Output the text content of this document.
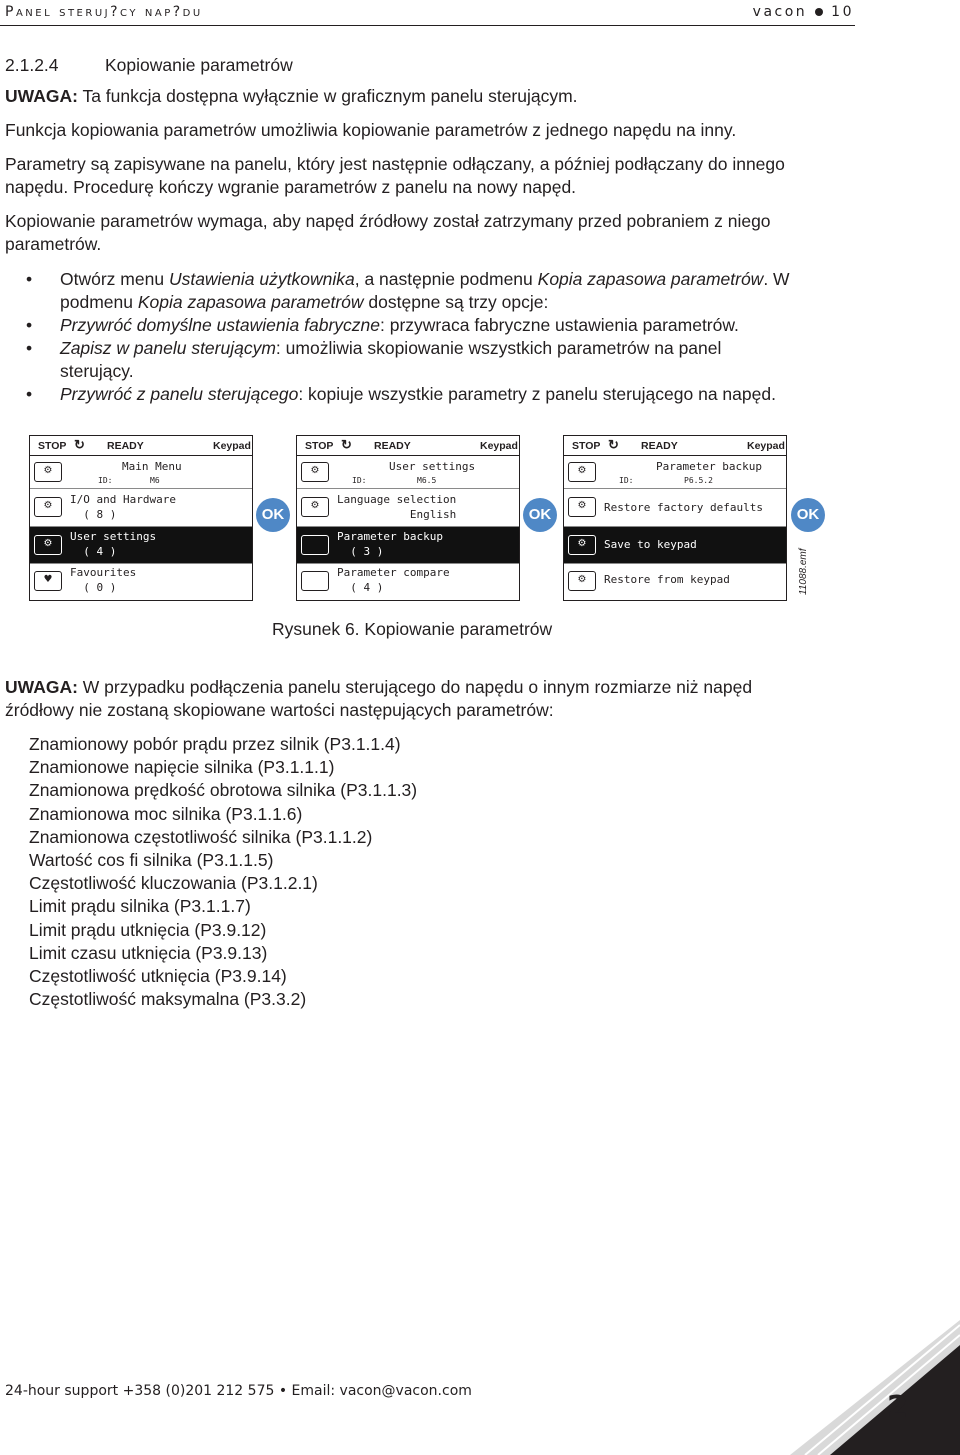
Panel steruj?cy nap?du	vacon 10
2.1.2.4	Kopiowanie parametrów
UWAGA: Ta funkcja dostępna wyłącznie w graficznym panelu sterującym.
Funkcja kopiowania parametrów umożliwia kopiowanie parametrów z jednego napędu na inny.
Parametry są zapisywane na panelu, który jest następnie odłączany, a później podłączany do innego
napędu. Procedurę kończy wgranie parametrów z panelu na nowy napęd.
Kopiowanie parametrów wymaga, aby napęd źródłowy został zatrzymany przed pobraniem z niego
parametrów.
• Otwórz menu Ustawienia użytkownika, a następnie podmenu Kopia zapasowa parametrów. W
podmenu Kopia zapasowa parametrów dostępne są trzy opcje:
• Przywróć domyślne ustawienia fabryczne: przywraca fabryczne ustawienia parametrów.
• Zapisz w panelu sterującym: umożliwia skopiowanie wszystkich parametrów na panel
sterujący.
• Przywróć z panelu sterującego: kopiuje wszystkie parametry z panelu sterującego na napęd.
STOP ↻ READY	Keypad
⚙	Main Menu
ID:	M6
⚙	I/O and Hardware
( 8 )
⚙
User settings
( 4 )
♥
Favourites
( 0 )
OK
STOP ↻ READY	Keypad
⚙	User settings
ID:	M6.5
⚙	Language selection
English
Parameter backup
( 3 )
Parameter compare
( 4 )
OK
STOP ↻ READY	Keypad
⚙	Parameter backup
ID:	P6.5.2
⚙	Restore factory defaults
⚙	Save to keypad
⚙	Restore from keypad
OK
11088.emf
Rysunek 6. Kopiowanie parametrów
UWAGA: W przypadku podłączenia panelu sterującego do napędu o innym rozmiarze niż napęd
źródłowy nie zostaną skopiowane wartości następujących parametrów:
Znamionowy pobór prądu przez silnik (P3.1.1.4)
Znamionowe napięcie silnika (P3.1.1.1)
Znamionowa prędkość obrotowa silnika (P3.1.1.3)
Znamionowa moc silnika (P3.1.1.6)
Znamionowa częstotliwość silnika (P3.1.1.2)
Wartość cos fi silnika (P3.1.1.5)
Częstotliwość kluczowania (P3.1.2.1)
Limit prądu silnika (P3.1.1.7)
Limit prądu utknięcia (P3.9.12)
Limit czasu utknięcia (P3.9.13)
Częstotliwość utknięcia (P3.9.14)
Częstotliwość maksymalna (P3.3.2)
24-hour support +358 (0)201 212 575 • Email: vacon@vacon.com	2
